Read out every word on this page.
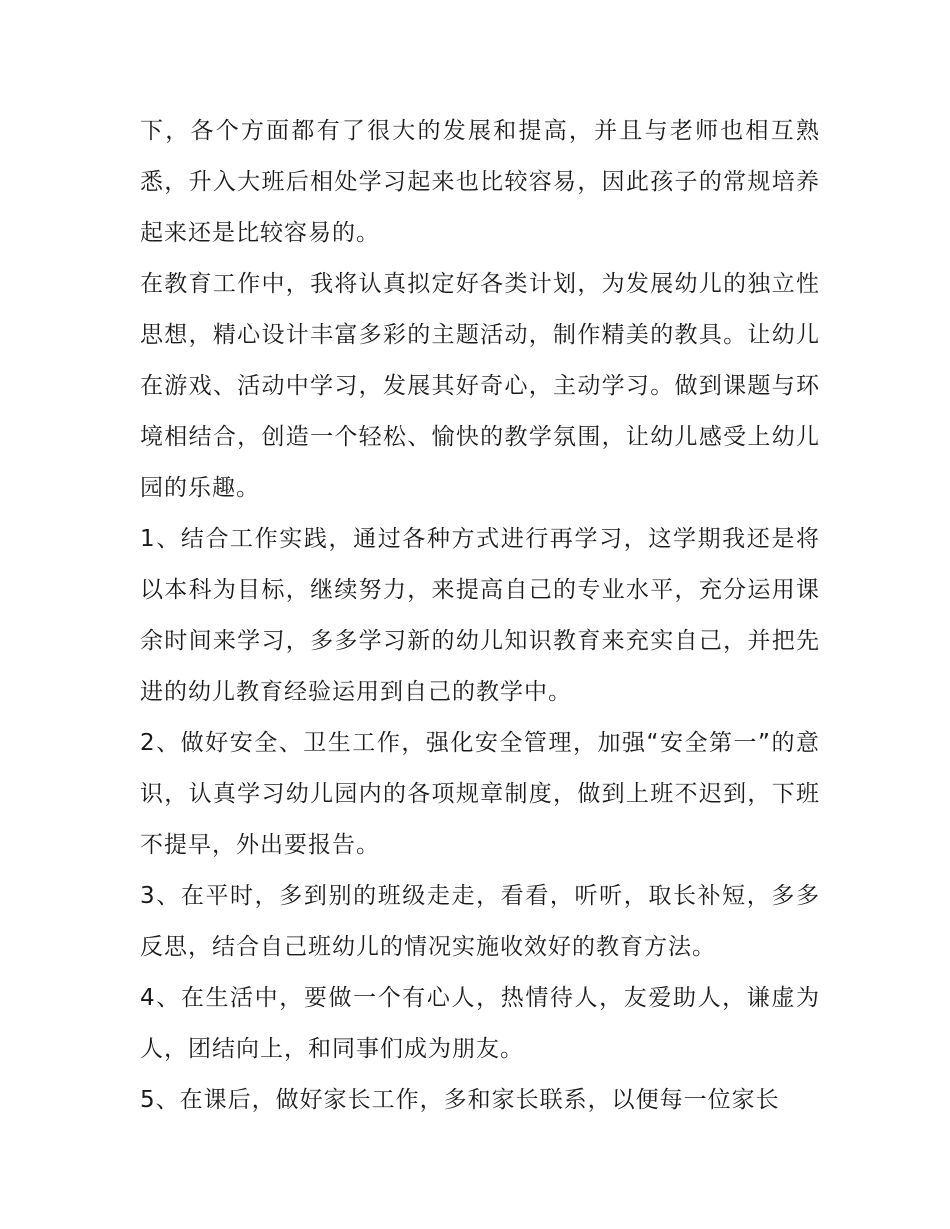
下，各个方面都有了很大的发展和提高，并且与老师也相互熟悉，升入大班后相处学习起来也比较容易，因此孩子的常规培养起来还是比较容易的。

在教育工作中，我将认真拟定好各类计划，为发展幼儿的独立性思想，精心设计丰富多彩的主题活动，制作精美的教具。让幼儿在游戏、活动中学习，发展其好奇心，主动学习。做到课题与环境相结合，创造一个轻松、愉快的教学氛围，让幼儿感受上幼儿园的乐趣。

1、结合工作实践，通过各种方式进行再学习，这学期我还是将以本科为目标，继续努力，来提高自己的专业水平，充分运用课余时间来学习，多多学习新的幼儿知识教育来充实自己，并把先进的幼儿教育经验运用到自己的教学中。

2、做好安全、卫生工作，强化安全管理，加强“安全第一”的意识，认真学习幼儿园内的各项规章制度，做到上班不迟到，下班不提早，外出要报告。

3、在平时，多到别的班级走走，看看，听听，取长补短，多多反思，结合自己班幼儿的情况实施收效好的教育方法。

4、在生活中，要做一个有心人，热情待人，友爱助人，谦虚为人，团结向上，和同事们成为朋友。

5、在课后，做好家长工作，多和家长联系，以便每一位家长
